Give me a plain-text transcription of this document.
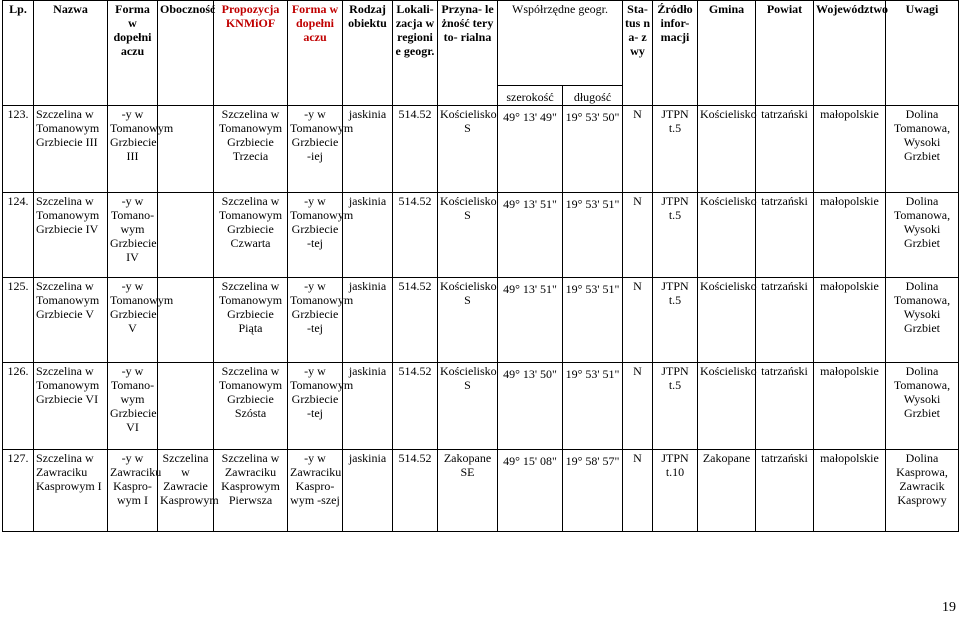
Lp.	Nazwa	Forma w dopełni aczu	Oboczność	Propozycja KNMiOF	Forma w dopełni aczu	Rodzaj obiektu	Lokali- zacja w regionie geogr.	Przyna- leżność teryto- rialna	Współrzędne geogr.		Sta- tus na- zwy	Źródło infor- macji	Gmina	Powiat	Województwo	Uwagi
									szerokość	długość						
123.	Szczelina w Tomanowym Grzbiecie III	-y w Tomanowym Grzbiecie III		Szczelina w Tomanowym Grzbiecie Trzecia	-y w Tomanowym Grzbiecie -iej	jaskinia	514.52	Kościelisko S	49° 13' 49"	19° 53' 50"	N	JTPN t.5	Kościelisko	tatrzański	małopolskie	Dolina Tomanowa, Wysoki Grzbiet
124.	Szczelina w Tomanowym Grzbiecie IV	-y w Tomano-wym Grzbiecie IV		Szczelina w Tomanowym Grzbiecie Czwarta	-y w Tomanowym Grzbiecie -tej	jaskinia	514.52	Kościelisko S	49° 13' 51"	19° 53' 51"	N	JTPN t.5	Kościelisko	tatrzański	małopolskie	Dolina Tomanowa, Wysoki Grzbiet
125.	Szczelina w Tomanowym Grzbiecie V	-y w Tomanowym Grzbiecie V		Szczelina w Tomanowym Grzbiecie Piąta	-y w Tomanowym Grzbiecie -tej	jaskinia	514.52	Kościelisko S	49° 13' 51"	19° 53' 51"	N	JTPN t.5	Kościelisko	tatrzański	małopolskie	Dolina Tomanowa, Wysoki Grzbiet
126.	Szczelina w Tomanowym Grzbiecie VI	-y w Tomano-wym Grzbiecie VI		Szczelina w Tomanowym Grzbiecie Szósta	-y w Tomanowym Grzbiecie -tej	jaskinia	514.52	Kościelisko S	49° 13' 50"	19° 53' 51"	N	JTPN t.5	Kościelisko	tatrzański	małopolskie	Dolina Tomanowa, Wysoki Grzbiet
127.	Szczelina w Zawraciku Kasprowym I	-y w Zawraciku Kaspro-wym I	Szczelina w Zawracie Kasprowym	Szczelina w Zawraciku Kasprowym Pierwsza	-y w Zawraciku Kaspro-wym -szej	jaskinia	514.52	Zakopane SE	49° 15' 08"	19° 58' 57"	N	JTPN t.10	Zakopane	tatrzański	małopolskie	Dolina Kasprowa, Zawracik Kasprowy
19
